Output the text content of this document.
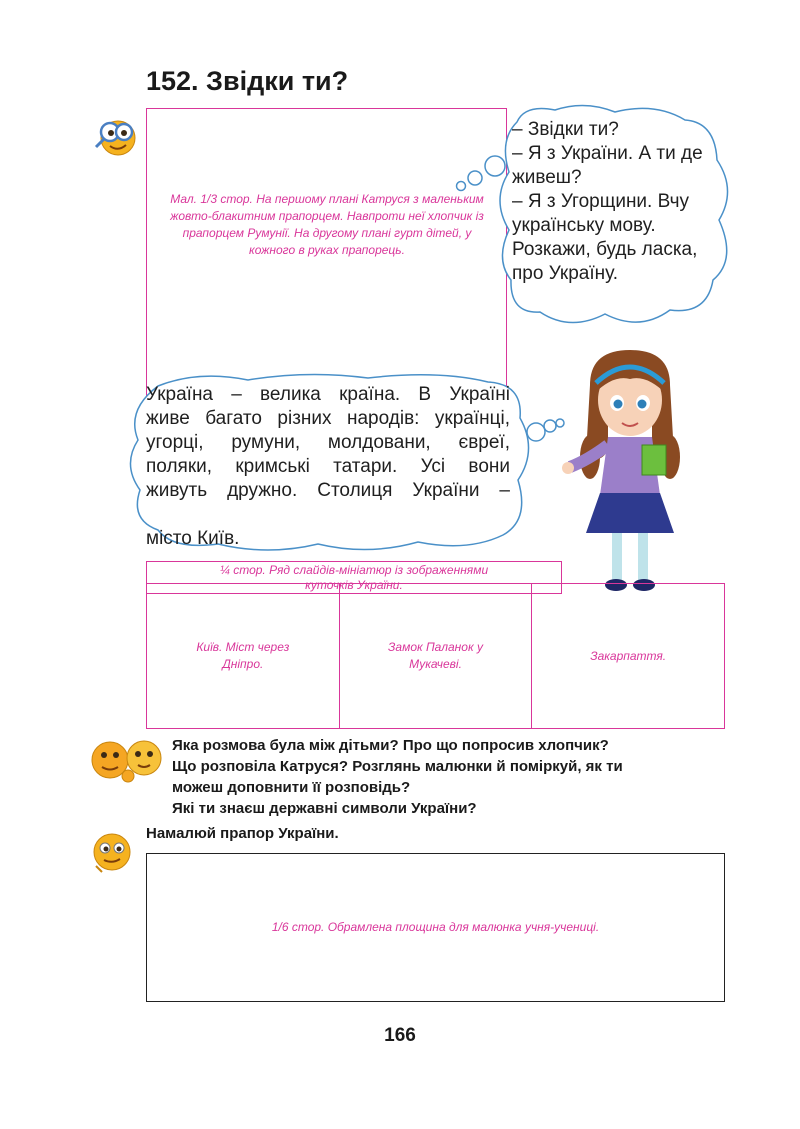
152. Звідки ти?
Мал. 1/3 стор. На першому плані Катруся з маленьким жовто-блакитним прапорцем. Навпроти неї хлопчик із прапорцем Румунії. На другому плані гурт дітей, у кожного в руках прапорець.
– Звідки ти?
– Я з України. А ти де
живеш?
– Я з Угорщини. Вчу
українську мову.
Розкажи, будь ласка,
про Україну.
Україна – велика країна. В Україні
живе багато різних народів: українці,
угорці, румуни, молдовани, євреї,
поляки, кримські татари. Усі вони
живуть дружно. Столиця України –
місто Київ.
¼ стор. Ряд слайдів-мініатюр із зображеннями
куточків України.
Київ. Міст через Дніпро.
Замок Паланок у Мукачеві.
Закарпаття.
Яка розмова була між дітьми? Про що попросив хлопчик?
Що розповіла Катруся? Розглянь малюнки й поміркуй, як ти
можеш доповнити її розповідь?
Які ти знаєш державні символи України?
Намалюй прапор України.
1/6 стор. Обрамлена площина для малюнка учня-учениці.
166
